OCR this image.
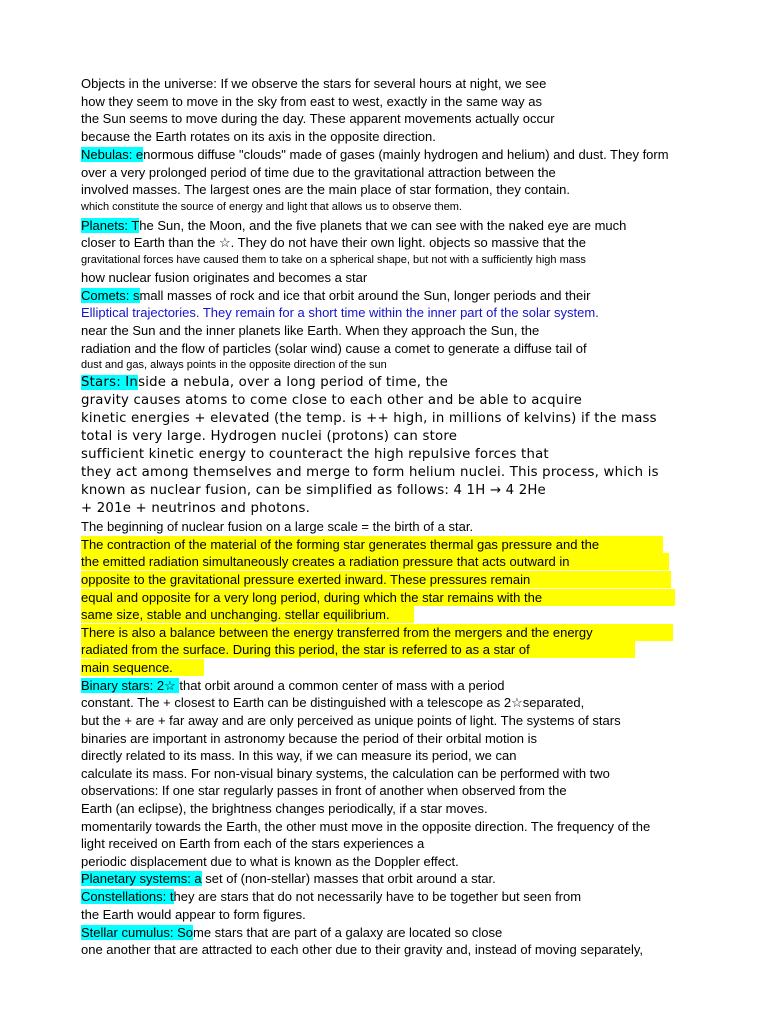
Objects in the universe: If we observe the stars for several hours at night, we see
how they seem to move in the sky from east to west, exactly in the same way as
the Sun seems to move during the day. These apparent movements actually occur
because the Earth rotates on its axis in the opposite direction.
Nebulas: enormous diffuse "clouds" made of gases (mainly hydrogen and helium) and dust. They form
over a very prolonged period of time due to the gravitational attraction between the
involved masses. The largest ones are the main place of star formation, they contain.
which constitute the source of energy and light that allows us to observe them.
Planets: The Sun, the Moon, and the five planets that we can see with the naked eye are much
closer to Earth than the ☆. They do not have their own light. objects so massive that the
gravitational forces have caused them to take on a spherical shape, but not with a sufficiently high mass
how nuclear fusion originates and becomes a star
Comets: small masses of rock and ice that orbit around the Sun, longer periods and their
Elliptical trajectories. They remain for a short time within the inner part of the solar system.
near the Sun and the inner planets like Earth. When they approach the Sun, the
radiation and the flow of particles (solar wind) cause a comet to generate a diffuse tail of
dust and gas, always points in the opposite direction of the sun
Stars: Inside a nebula, over a long period of time, the
gravity causes atoms to come close to each other and be able to acquire
kinetic energies + elevated (the temp. is ++ high, in millions of kelvins) if the mass
total is very large. Hydrogen nuclei (protons) can store
sufficient kinetic energy to counteract the high repulsive forces that
they act among themselves and merge to form helium nuclei. This process, which is
known as nuclear fusion, can be simplified as follows: 4 1H → 4 2He
+ 201e + neutrinos and photons.
The beginning of nuclear fusion on a large scale = the birth of a star.
The contraction of the material of the forming star generates thermal gas pressure and the
the emitted radiation simultaneously creates a radiation pressure that acts outward in
opposite to the gravitational pressure exerted inward. These pressures remain
equal and opposite for a very long period, during which the star remains with the
same size, stable and unchanging. stellar equilibrium.
There is also a balance between the energy transferred from the mergers and the energy
radiated from the surface. During this period, the star is referred to as a star of
main sequence.
Binary stars: 2☆ that orbit around a common center of mass with a period
constant. The + closest to Earth can be distinguished with a telescope as 2☆separated,
but the + are + far away and are only perceived as unique points of light. The systems of stars
binaries are important in astronomy because the period of their orbital motion is
directly related to its mass. In this way, if we can measure its period, we can
calculate its mass. For non-visual binary systems, the calculation can be performed with two
observations: If one star regularly passes in front of another when observed from the
Earth (an eclipse), the brightness changes periodically, if a star moves.
momentarily towards the Earth, the other must move in the opposite direction. The frequency of the
light received on Earth from each of the stars experiences a
periodic displacement due to what is known as the Doppler effect.
Planetary systems: a set of (non-stellar) masses that orbit around a star.
Constellations: they are stars that do not necessarily have to be together but seen from
the Earth would appear to form figures.
Stellar cumulus: Some stars that are part of a galaxy are located so close
one another that are attracted to each other due to their gravity and, instead of moving separately,
